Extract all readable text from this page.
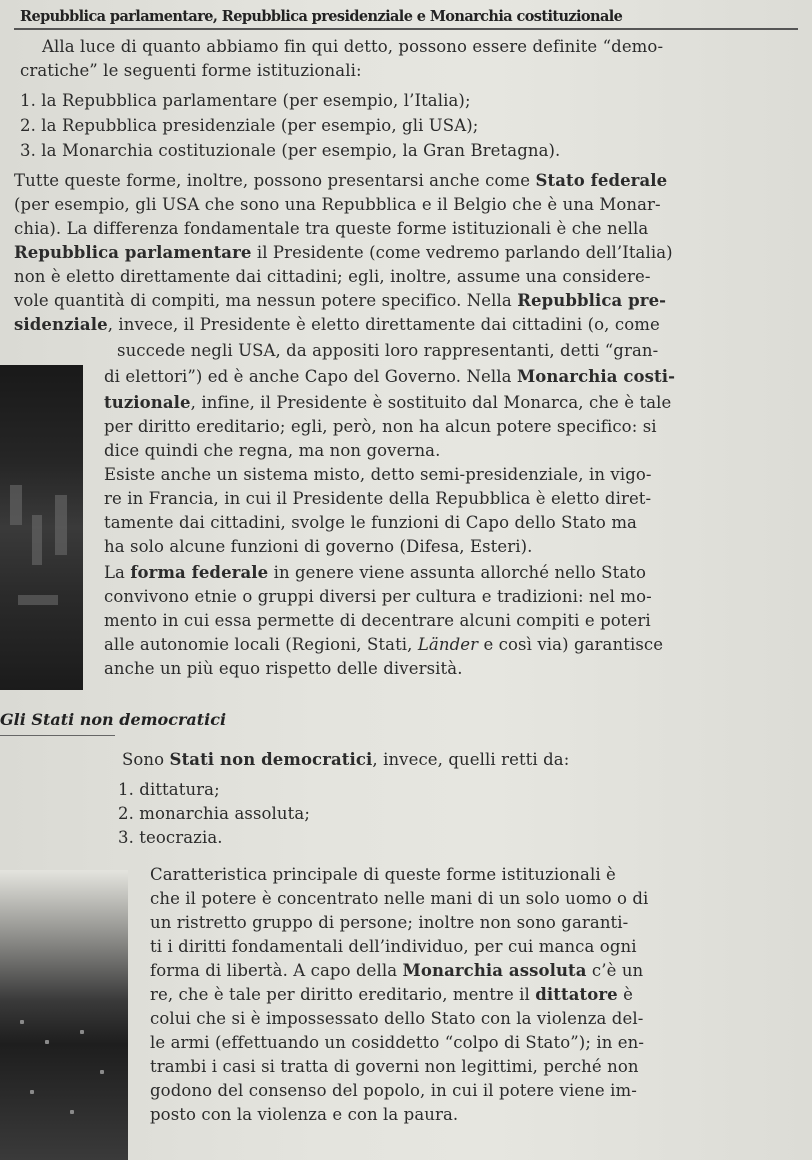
Repubblica parlamentare, Repubblica presidenziale e Monarchia costituzionale
Gli Stati non democratici
Alla luce di quanto abbiamo fin qui detto, possono essere definite “demo-
cratiche” le seguenti forme istituzionali:
1. la Repubblica parlamentare (per esempio, l’Italia);
2. la Repubblica presidenziale (per esempio, gli USA);
3. la Monarchia costituzionale (per esempio, la Gran Bretagna).
Tutte queste forme, inoltre, possono presentarsi anche come Stato federale
(per esempio, gli USA che sono una Repubblica e il Belgio che è una Monar-
chia). La differenza fondamentale tra queste forme istituzionali è che nella
Repubblica parlamentare il Presidente (come vedremo parlando dell’Italia)
non è eletto direttamente dai cittadini; egli, inoltre, assume una considere-
vole quantità di compiti, ma nessun potere specifico. Nella Repubblica pre-
sidenziale, invece, il Presidente è eletto direttamente dai cittadini (o, come
succede negli USA, da appositi loro rappresentanti, detti “gran-
di elettori”) ed è anche Capo del Governo. Nella Monarchia costi-
tuzionale, infine, il Presidente è sostituito dal Monarca, che è tale
per diritto ereditario; egli, però, non ha alcun potere specifico: si
dice quindi che regna, ma non governa.
Esiste anche un sistema misto, detto semi-presidenziale, in vigo-
re in Francia, in cui il Presidente della Repubblica è eletto diret-
tamente dai cittadini, svolge le funzioni di Capo dello Stato ma
ha solo alcune funzioni di governo (Difesa, Esteri).
La forma federale in genere viene assunta allorché nello Stato
convivono etnie o gruppi diversi per cultura e tradizioni: nel mo-
mento in cui essa permette di decentrare alcuni compiti e poteri
alle autonomie locali (Regioni, Stati, Länder e così via) garantisce
anche un più equo rispetto delle diversità.
Sono Stati non democratici, invece, quelli retti da:
1. dittatura;
2. monarchia assoluta;
3. teocrazia.
Caratteristica principale di queste forme istituzionali è
che il potere è concentrato nelle mani di un solo uomo o di
un ristretto gruppo di persone; inoltre non sono garanti-
ti i diritti fondamentali dell’individuo, per cui manca ogni
forma di libertà. A capo della Monarchia assoluta c’è un
re, che è tale per diritto ereditario, mentre il dittatore è
colui che si è impossessato dello Stato con la violenza del-
le armi (effettuando un cosiddetto “colpo di Stato”); in en-
trambi i casi si tratta di governi non legittimi, perché non
godono del consenso del popolo, in cui il potere viene im-
posto con la violenza e con la paura.
